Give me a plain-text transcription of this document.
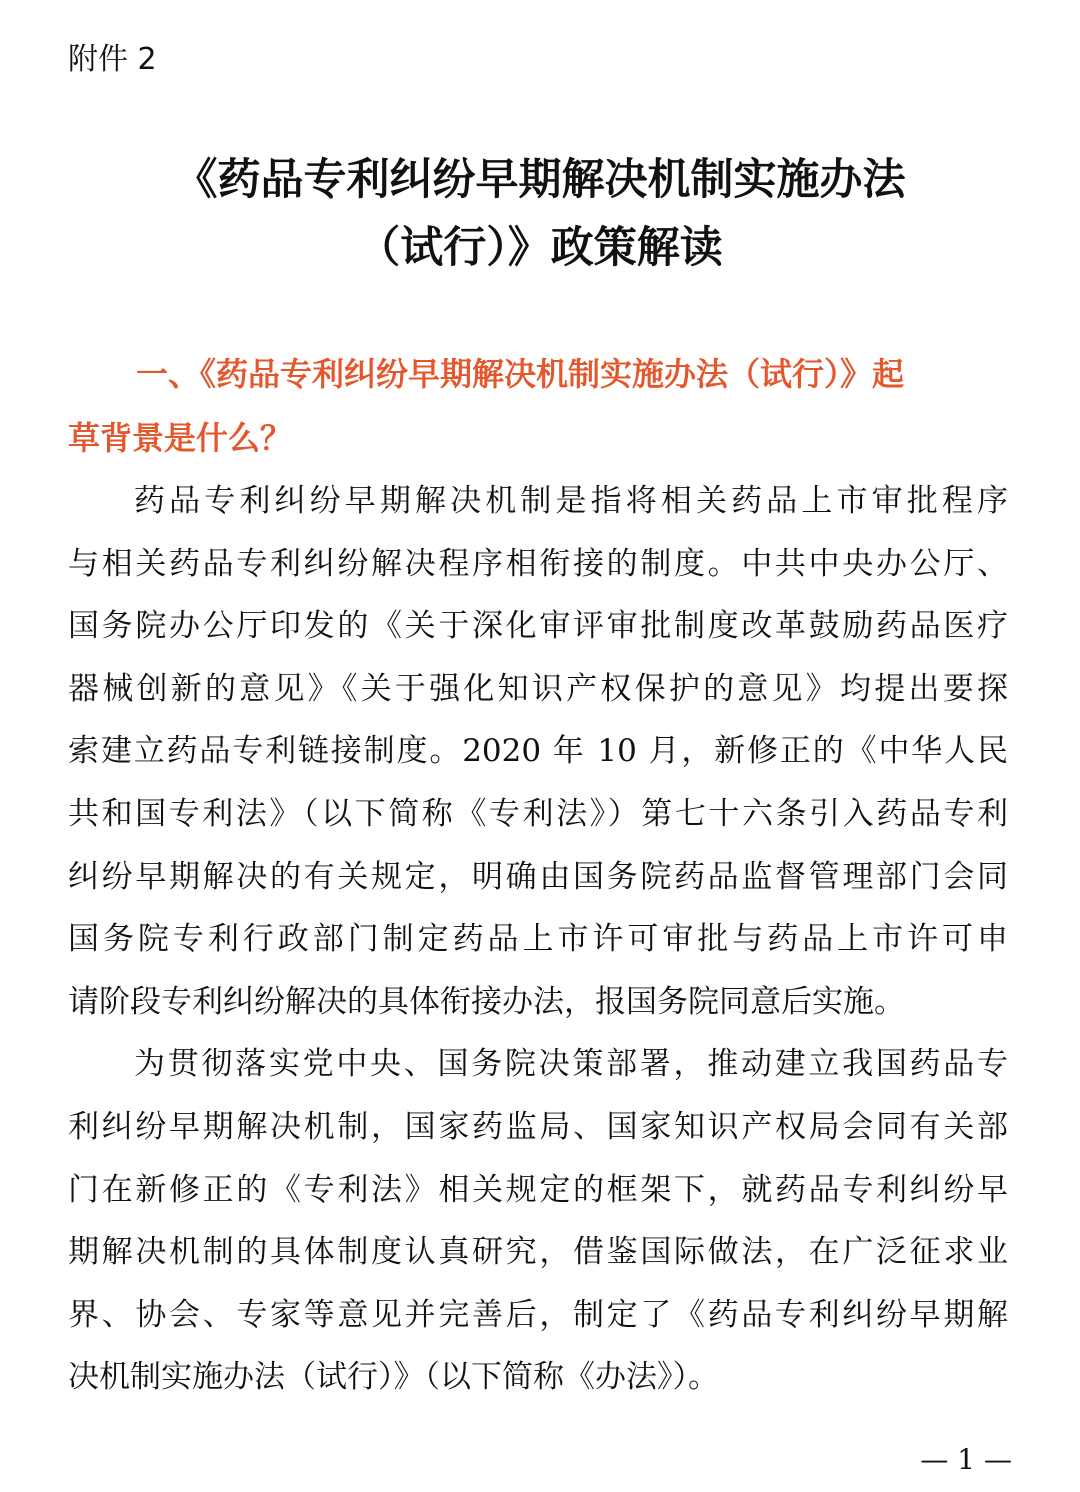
附件 2
《药品专利纠纷早期解决机制实施办法
（试行）》政策解读
一、《药品专利纠纷早期解决机制实施办法（试行）》起
草背景是什么？
药品专利纠纷早期解决机制是指将相关药品上市审批程序
与相关药品专利纠纷解决程序相衔接的制度。中共中央办公厅、
国务院办公厅印发的《关于深化审评审批制度改革鼓励药品医疗
器械创新的意见》《关于强化知识产权保护的意见》均提出要探
索建立药品专利链接制度。2020 年 10 月，新修正的《中华人民
共和国专利法》（以下简称《专利法》）第七十六条引入药品专利
纠纷早期解决的有关规定，明确由国务院药品监督管理部门会同
国务院专利行政部门制定药品上市许可审批与药品上市许可申
请阶段专利纠纷解决的具体衔接办法，报国务院同意后实施。
为贯彻落实党中央、国务院决策部署，推动建立我国药品专
利纠纷早期解决机制，国家药监局、国家知识产权局会同有关部
门在新修正的《专利法》相关规定的框架下，就药品专利纠纷早
期解决机制的具体制度认真研究，借鉴国际做法，在广泛征求业
界、协会、专家等意见并完善后，制定了《药品专利纠纷早期解
决机制实施办法（试行）》（以下简称《办法》）。
— 1 —
